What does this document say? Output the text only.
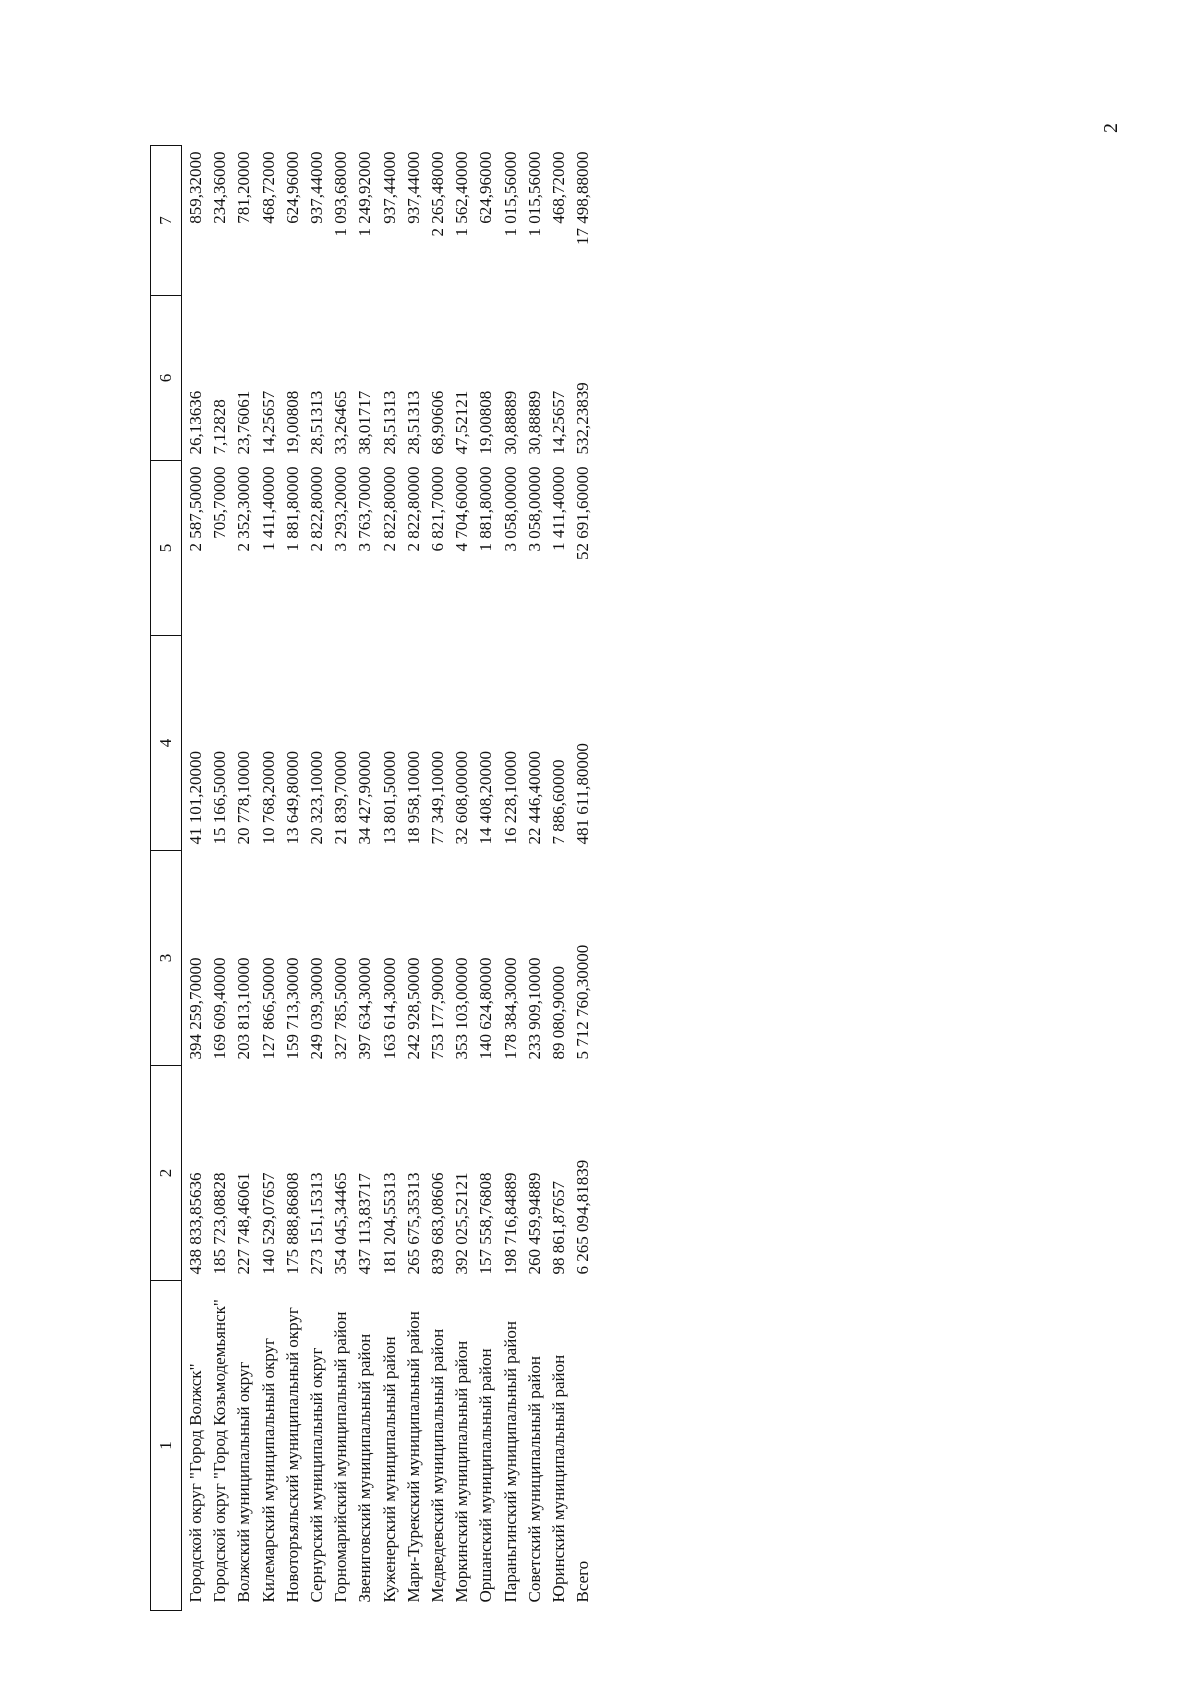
2
1	2	3	4	5	6	7
Городской округ "Город Волжск"	438 833,85636	394 259,70000	41 101,20000	2 587,50000	26,13636	859,32000
Городской округ "Город Козьмодемьянск"	185 723,08828	169 609,40000	15 166,50000	705,70000	7,12828	234,36000
Волжский муниципальный округ	227 748,46061	203 813,10000	20 778,10000	2 352,30000	23,76061	781,20000
Килемарский муниципальный округ	140 529,07657	127 866,50000	10 768,20000	1 411,40000	14,25657	468,72000
Новоторъяльский муниципальный округ	175 888,86808	159 713,30000	13 649,80000	1 881,80000	19,00808	624,96000
Сернурский муниципальный округ	273 151,15313	249 039,30000	20 323,10000	2 822,80000	28,51313	937,44000
Горномарийский муниципальный район	354 045,34465	327 785,50000	21 839,70000	3 293,20000	33,26465	1 093,68000
Звениговский муниципальный район	437 113,83717	397 634,30000	34 427,90000	3 763,70000	38,01717	1 249,92000
Куженерский муниципальный район	181 204,55313	163 614,30000	13 801,50000	2 822,80000	28,51313	937,44000
Мари-Турекский муниципальный район	265 675,35313	242 928,50000	18 958,10000	2 822,80000	28,51313	937,44000
Медведевский муниципальный район	839 683,08606	753 177,90000	77 349,10000	6 821,70000	68,90606	2 265,48000
Моркинский муниципальный район	392 025,52121	353 103,00000	32 608,00000	4 704,60000	47,52121	1 562,40000
Оршанский муниципальный район	157 558,76808	140 624,80000	14 408,20000	1 881,80000	19,00808	624,96000
Параньгинский муниципальный район	198 716,84889	178 384,30000	16 228,10000	3 058,00000	30,88889	1 015,56000
Советский муниципальный район	260 459,94889	233 909,10000	22 446,40000	3 058,00000	30,88889	1 015,56000
Юринский муниципальный район	98 861,87657	89 080,90000	7 886,60000	1 411,40000	14,25657	468,72000
Всего	6 265 094,81839	5 712 760,30000	481 611,80000	52 691,60000	532,23839	17 498,88000
